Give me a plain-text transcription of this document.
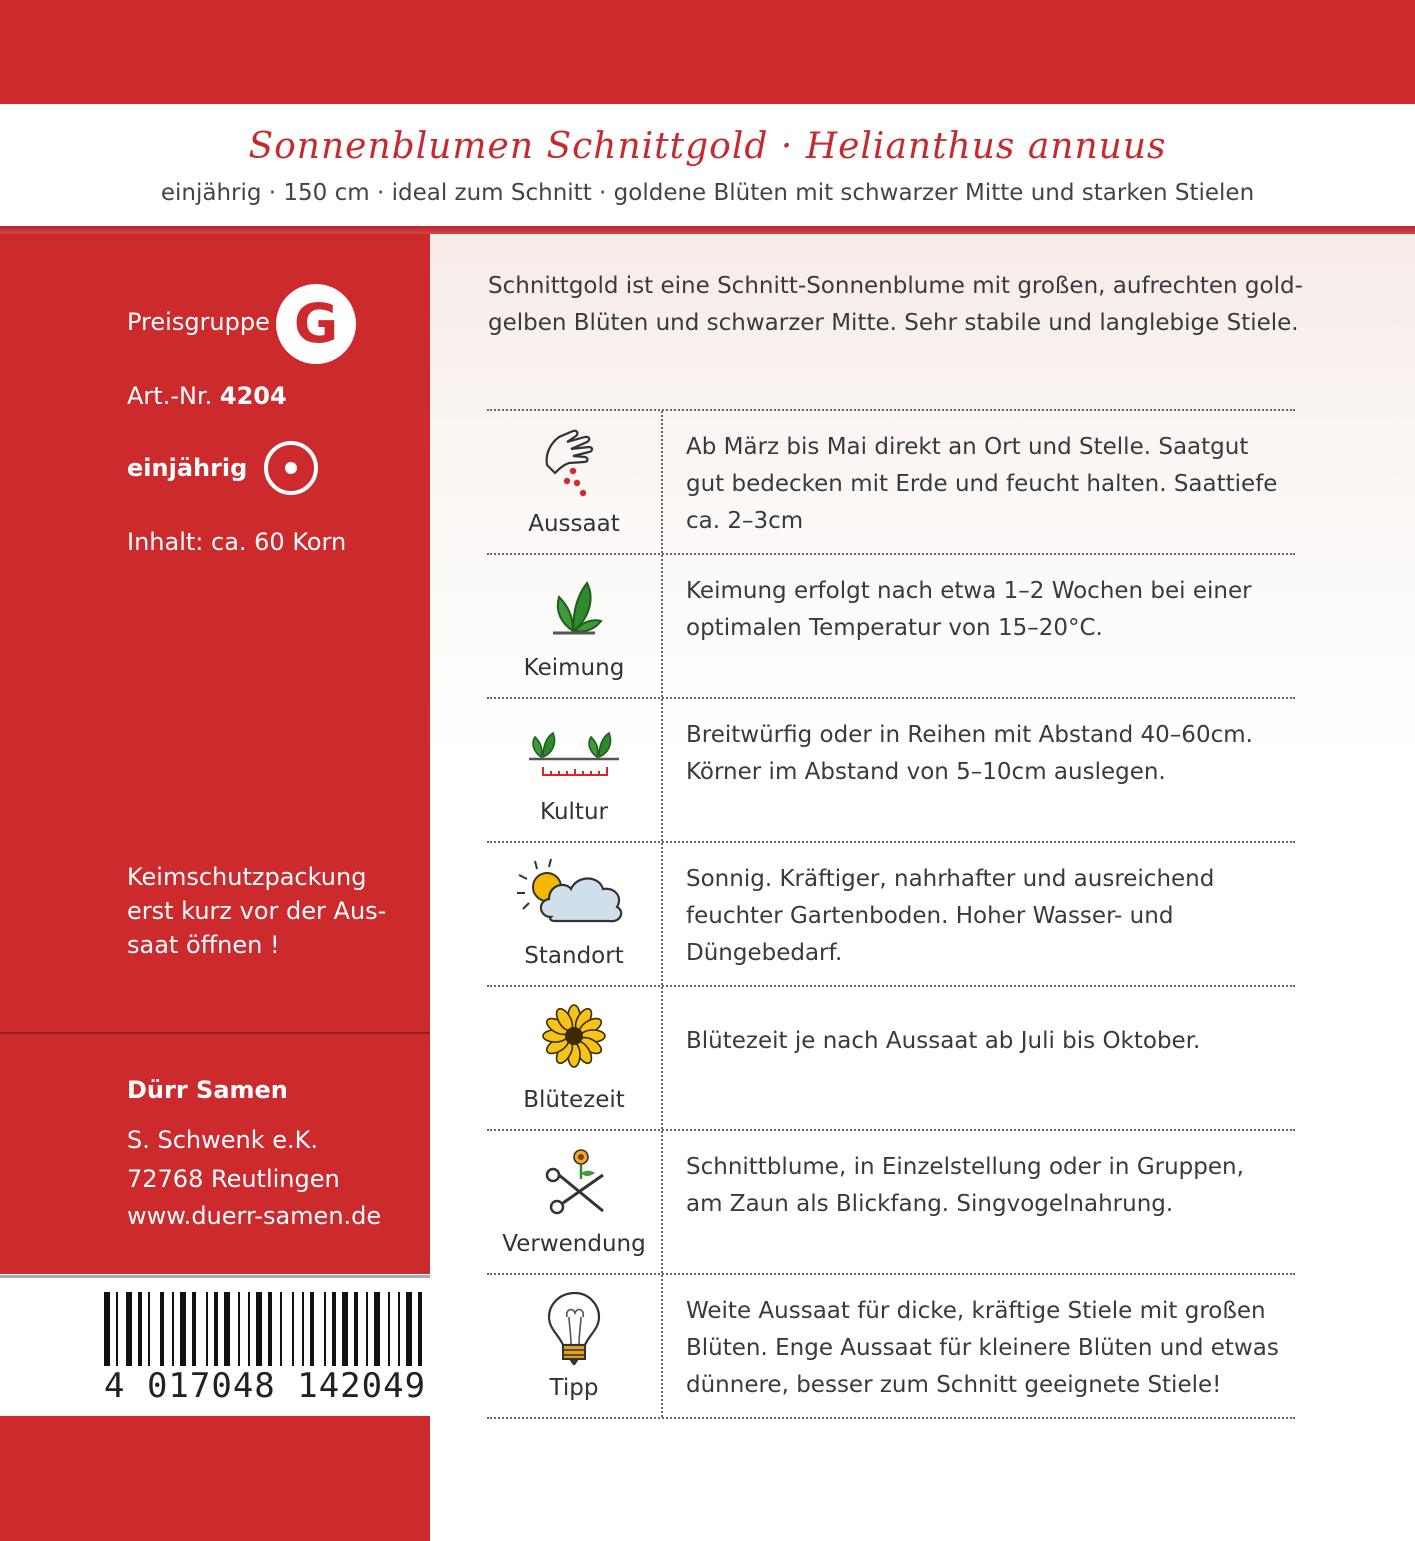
Sonnenblumen Schnittgold · Helianthus annuus
einjährig · 150 cm · ideal zum Schnitt · goldene Blüten mit schwarzer Mitte und starken Stielen
Preisgruppe G
Art.-Nr. 4204
einjährig
Inhalt: ca. 60 Korn
Keimschutzpackung
erst kurz vor der Aus-
saat öffnen !
Dürr Samen
S. Schwenk e.K.
72768 Reutlingen
www.duerr-samen.de
4 017048 142049
Schnittgold ist eine Schnitt-Sonnenblume mit großen, aufrechten gold-
gelben Blüten und schwarzer Mitte. Sehr stabile und langlebige Stiele.
Aussaat
Ab März bis Mai direkt an Ort und Stelle. Saatgut gut bedecken mit Erde und feucht halten. Saattiefe ca. 2–3cm
Keimung
Keimung erfolgt nach etwa 1–2 Wochen bei einer optimalen Temperatur von 15–20°C.
Kultur
Breitwürfig oder in Reihen mit Abstand 40–60cm. Körner im Abstand von 5–10cm auslegen.
Standort
Sonnig. Kräftiger, nahrhafter und ausreichend feuchter Gartenboden. Hoher Wasser- und Düngebedarf.
Blütezeit
Blütezeit je nach Aussaat ab Juli bis Oktober.
Verwendung
Schnittblume, in Einzelstellung oder in Gruppen, am Zaun als Blickfang. Singvogelnahrung.
Tipp
Weite Aussaat für dicke, kräftige Stiele mit großen Blüten. Enge Aussaat für kleinere Blüten und etwas dünnere, besser zum Schnitt geeignete Stiele!
